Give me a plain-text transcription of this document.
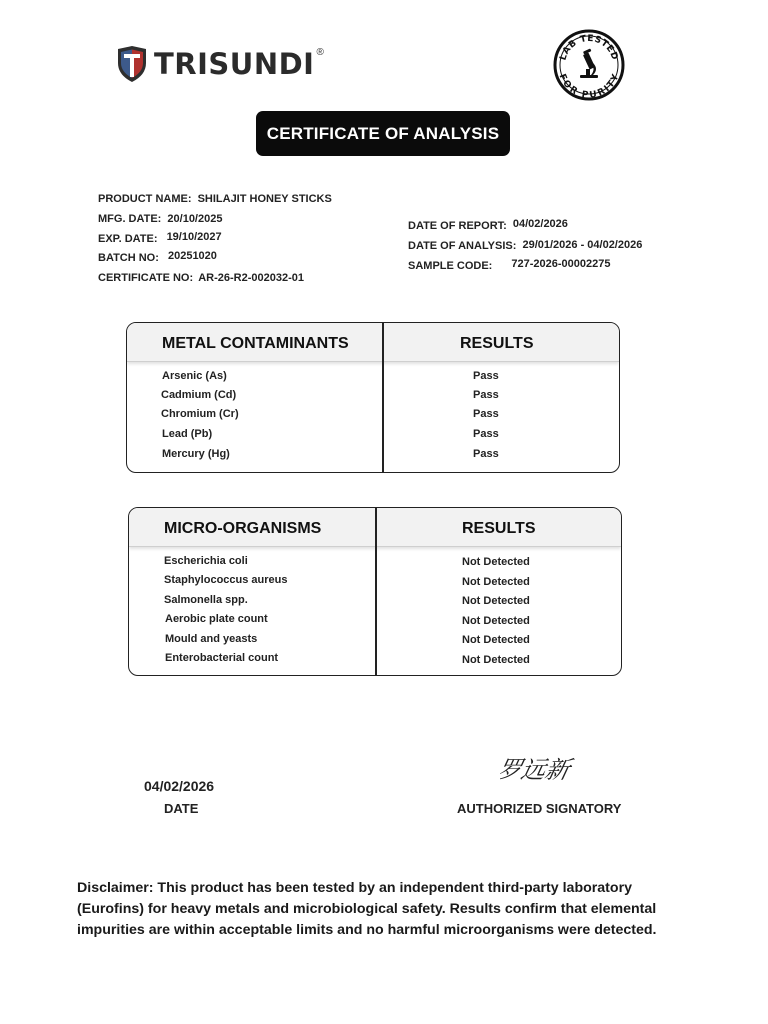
TRISUNDI ®	LAB TESTED
FOR PURITY
CERTIFICATE OF ANALYSIS
PRODUCT NAME: SHILAJIT HONEY STICKS
MFG. DATE: 20/10/2025
EXP. DATE: 19/10/2027
BATCH NO: 20251020
CERTIFICATE NO: AR-26-R2-002032-01
DATE OF REPORT: 04/02/2026
DATE OF ANALYSIS: 29/01/2026 - 04/02/2026
SAMPLE CODE: 727-2026-00002275
METAL CONTAMINANTS	RESULTS
Arsenic (As)	Pass
Cadmium (Cd)	Pass
Chromium (Cr)	Pass
Lead (Pb)	Pass
Mercury (Hg)	Pass
MICRO-ORGANISMS	RESULTS
Escherichia coli	Not Detected
Staphylococcus aureus	Not Detected
Salmonella spp.	Not Detected
Aerobic plate count	Not Detected
Mould and yeasts	Not Detected
Enterobacterial count	Not Detected
04/02/2026
DATE
罗远新
AUTHORIZED SIGNATORY
Disclaimer: This product has been tested by an independent third-party laboratory (Eurofins) for heavy metals and microbiological safety. Results confirm that elemental impurities are within acceptable limits and no harmful microorganisms were detected.
